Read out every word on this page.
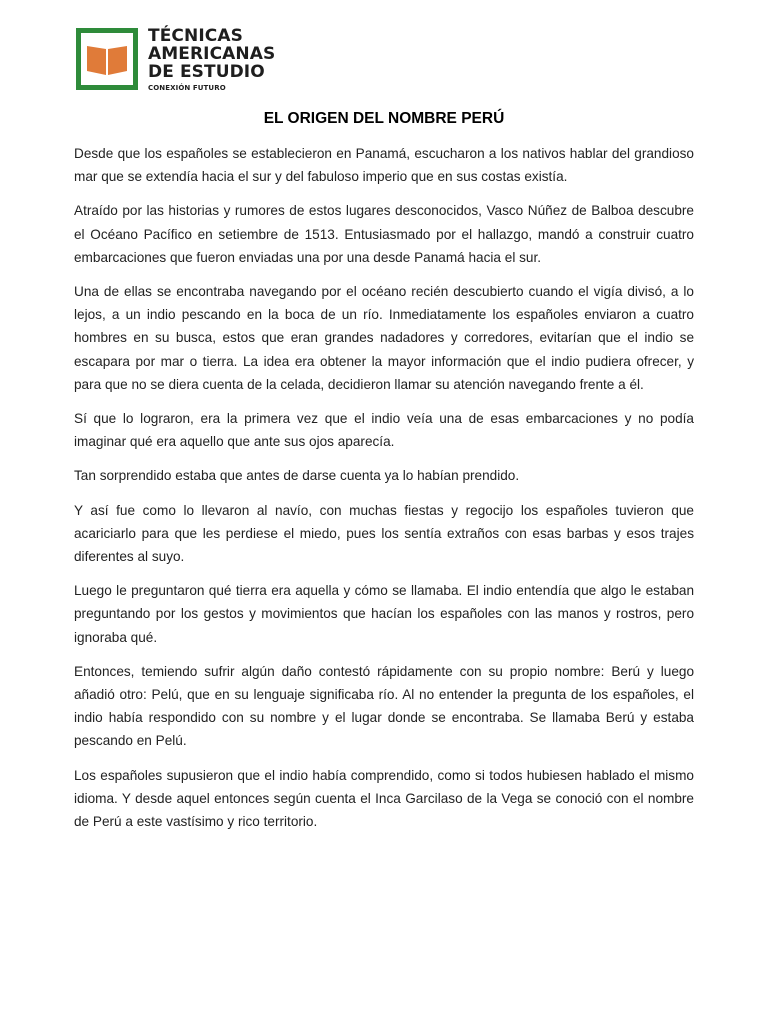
TÉCNICAS
AMERICANAS
DE ESTUDIO
CONEXIÓN FUTURO
EL ORIGEN DEL NOMBRE PERÚ

Desde que los españoles se establecieron en Panamá, escucharon a los nativos hablar del grandioso mar que se extendía hacia el sur y del fabuloso imperio que en sus costas existía.

Atraído por las historias y rumores de estos lugares desconocidos, Vasco Núñez de Balboa descubre el Océano Pacífico en setiembre de 1513. Entusiasmado por el hallazgo, mandó a construir cuatro embarcaciones que fueron enviadas una por una desde Panamá hacia el sur.

Una de ellas se encontraba navegando por el océano recién descubierto cuando el vigía divisó, a lo lejos, a un indio pescando en la boca de un río. Inmediatamente los españoles enviaron a cuatro hombres en su busca, estos que eran grandes nadadores y corredores, evitarían que el indio se escapara por mar o tierra. La idea era obtener la mayor información que el indio pudiera ofrecer, y para que no se diera cuenta de la celada, decidieron llamar su atención navegando frente a él.

Sí que lo lograron, era la primera vez que el indio veía una de esas embarcaciones y no podía imaginar qué era aquello que ante sus ojos aparecía.

Tan sorprendido estaba que antes de darse cuenta ya lo habían prendido.

Y así fue como lo llevaron al navío, con muchas fiestas y regocijo los españoles tuvieron que acariciarlo para que les perdiese el miedo, pues los sentía extraños con esas barbas y esos trajes diferentes al suyo.

Luego le preguntaron qué tierra era aquella y cómo se llamaba. El indio entendía que algo le estaban preguntando por los gestos y movimientos que hacían los españoles con las manos y rostros, pero ignoraba qué.

Entonces, temiendo sufrir algún daño contestó rápidamente con su propio nombre: Berú y luego añadió otro: Pelú, que en su lenguaje significaba río. Al no entender la pregunta de los españoles, el indio había respondido con su nombre y el lugar donde se encontraba. Se llamaba Berú y estaba pescando en Pelú.

Los españoles supusieron que el indio había comprendido, como si todos hubiesen hablado el mismo idioma. Y desde aquel entonces según cuenta el Inca Garcilaso de la Vega se conoció con el nombre de Perú a este vastísimo y rico territorio.
